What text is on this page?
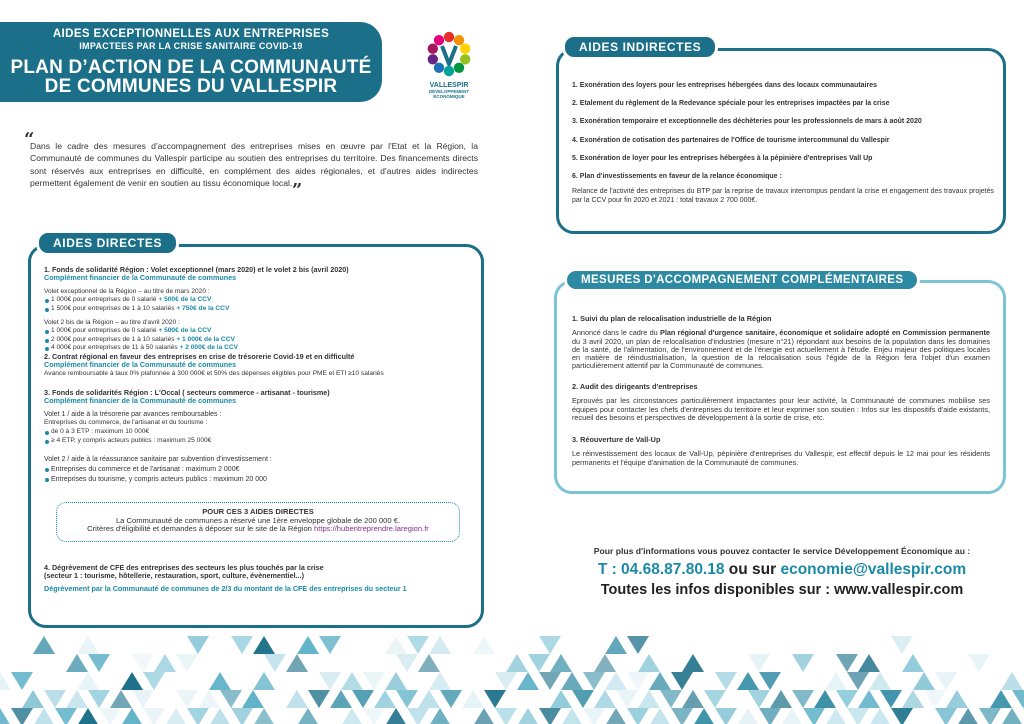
AIDES EXCEPTIONNELLES AUX ENTREPRISES
IMPACTEES PAR LA CRISE SANITAIRE COVID-19
PLAN D’ACTION DE LA COMMUNAUTÉ
DE COMMUNES DU VALLESPIR	VALLESPIR
DÉVELOPPEMENT
ÉCONOMIQUE
“
Dans le cadre des mesures d'accompagnement des entreprises mises en œuvre par l'Etat et la Région, la Communauté de communes du Vallespir participe au soutien des entreprises du territoire. Des financements directs sont réservés aux entreprises en difficulté, en complément des aides régionales, et d'autres aides indirectes permettent également de venir en soutien au tissu économique local.„
AIDES DIRECTES
1. Fonds de solidarité Région : Volet exceptionnel (mars 2020) et le volet 2 bis (avril 2020)
Complément financier de la Communauté de communes
Volet exceptionnel de la Région – au titre de mars 2020 :
1 000€ pour entreprises de 0 salarié + 500€ de la CCV
1 500€ pour entreprises de 1 à 10 salariés + 750€ de la CCV
Volet 2 bis de la Région – au titre d'avril 2020 :
1 000€ pour entreprises de 0 salarié + 500€ de la CCV
2 000€ pour entreprises de 1 à 10 salariés + 1 000€ de la CCV
4 000€ pour entreprises de 11 à 50 salariés + 2 000€ de la CCV
2. Contrat régional en faveur des entreprises en crise de trésorerie Covid-19 et en difficulté
Complément financier de la Communauté de communes
Avance remboursable à taux 0% plafonnée à 300 000€ et 50% des dépenses éligibles pour PME et ETI ≥10 salariés
3. Fonds de solidarités Région : L'Occal ( secteurs commerce - artisanat - tourisme)
Complément financier de la Communauté de communes
Volet 1 / aide à la trésorerie par avances remboursables :
Entreprises du commerce, de l'artisanat et du tourisme :
de 0 à 3 ETP : maximum 10 000€
≥ 4 ETP, y compris acteurs publics : maximum 25 000€
Volet 2 / aide à la réassurance sanitaire par subvention d'investissement :
Entreprises du commerce et de l'artisanat : maximum 2 000€
Entreprises du tourisme, y compris acteurs publics : maximum 20 000
POUR CES 3 AIDES DIRECTES
La Communauté de communes a réservé une 1ère enveloppe globale de 200 000 €.
Critères d'éligibilité et demandes à déposer sur le site de la Région https://hubentreprendre.laregion.fr
4. Dégrèvement de CFE des entreprises des secteurs les plus touchés par la crise
(secteur 1 : tourisme, hôtellerie, restauration, sport, culture, évènementiel...)
Dégrèvement par la Communauté de communes de 2/3 du montant de la CFE des entreprises du secteur 1
AIDES INDIRECTES
1. Exonération des loyers pour les entreprises hébergées dans des locaux communautaires
2. Etalement du règlement de la Redevance spéciale pour les entreprises impactées par la crise
3. Exonération temporaire et exceptionnelle des déchèteries pour les professionnels de mars à août 2020
4. Exonération de cotisation des partenaires de l'Office de tourisme intercommunal du Vallespir
5. Exonération de loyer pour les entreprises hébergées à la pépinière d'entreprises Vall Up
6. Plan d'investissements en faveur de la relance économique :
Relance de l'activité des entreprises du BTP par la reprise de travaux interrompus pendant la crise et engagement des travaux projetés par la CCV pour fin 2020 et 2021 : total travaux 2 700 000€.
MESURES D'ACCOMPAGNEMENT COMPLÉMENTAIRES
1. Suivi du plan de relocalisation industrielle de la Région
Annoncé dans le cadre du Plan régional d'urgence sanitaire, économique et solidaire adopté en Commission permanente du 3 avril 2020, un plan de relocalisation d'industries (mesure n°21) répondant aux besoins de la population dans les domaines de la santé, de l'alimentation, de l'environnement et de l'énergie est actuellement à l'étude. Enjeu majeur des politiques locales en matière de réindustrialisation, la question de la relocalisation sous l'égide de la Région fera l'objet d'un examen particulièrement attentif par la Communauté de communes.
2. Audit des dirigeants d'entreprises
Eprouvés par les circonstances particulièrement impactantes pour leur activité, la Communauté de communes mobilise ses équipes pour contacter les chefs d'entreprises du territoire et leur exprimer son soutien : Infos sur les dispositifs d'aide existants, recueil des besoins et perspectives de développement à la sortie de crise, etc.
3. Réouverture de Vall-Up
Le réinvestissement des locaux de Vall-Up, pépinière d'entreprises du Vallespir, est effectif depuis le 12 mai pour les résidents permanents et l'équipe d'animation de la Communauté de communes.
Pour plus d'informations vous pouvez contacter le service Développement Économique au :
T : 04.68.87.80.18 ou sur economie@vallespir.com
Toutes les infos disponibles sur : www.vallespir.com
